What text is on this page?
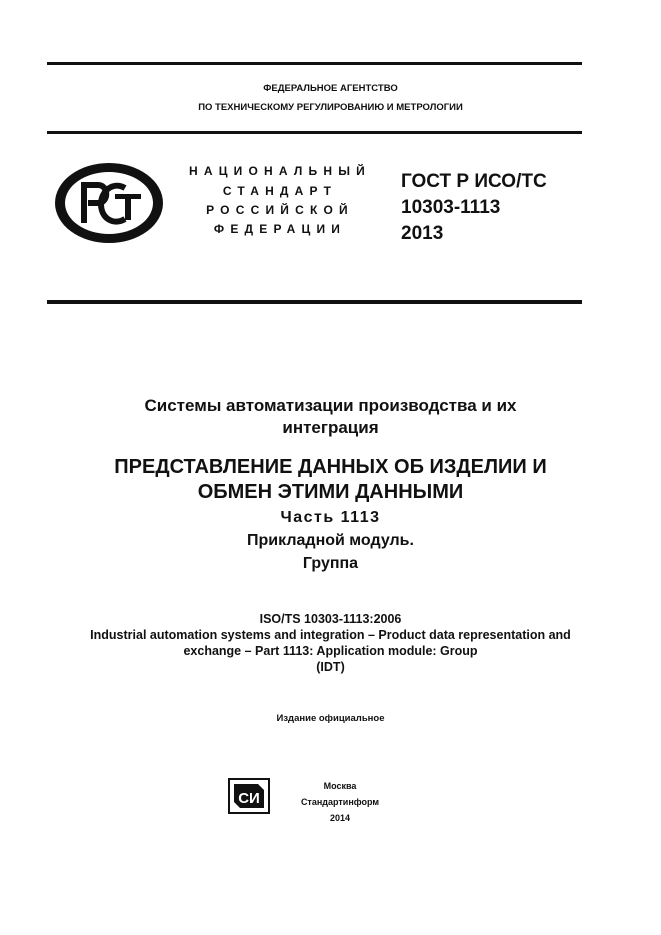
ФЕДЕРАЛЬНОЕ АГЕНТСТВО
ПО ТЕХНИЧЕСКОМУ РЕГУЛИРОВАНИЮ И МЕТРОЛОГИИ
НАЦИОНАЛЬНЫЙ
СТАНДАРТ
РОССИЙСКОЙ
ФЕДЕРАЦИИ
ГОСТ Р ИСО/ТС
10303-1113
2013
Системы автоматизации производства и их
интеграция
ПРЕДСТАВЛЕНИЕ ДАННЫХ ОБ ИЗДЕЛИИ И
ОБМЕН ЭТИМИ ДАННЫМИ
Часть 1113
Прикладной модуль.
Группа
ISO/TS 10303-1113:2006
Industrial automation systems and integration – Product data representation and
exchange – Part 1113: Application module: Group
(IDT)
Издание официальное
СИ
Москва
Стандартинформ
2014
